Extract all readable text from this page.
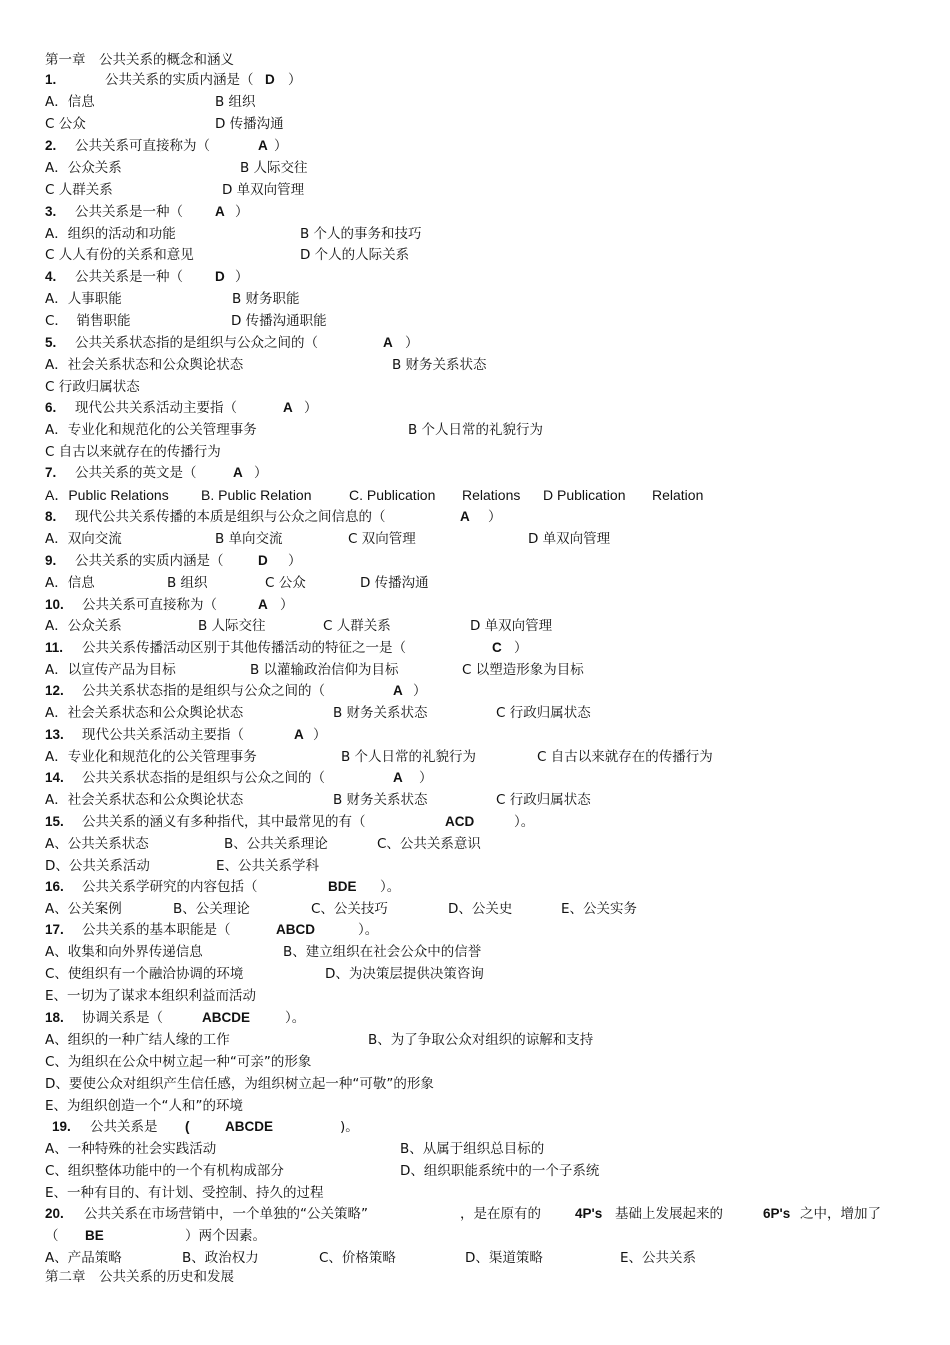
第一章　公共关系的概念和涵义
1.	公共关系的实质内涵是（ D ）
A．信息	B 组织
C 公众	D 传播沟通
2. 公共关系可直接称为（	A ）
A．公众关系	B 人际交往
C 人群关系	D 单双向管理
3. 公共关系是一种（ A ）
A．组织的活动和功能	B 个人的事务和技巧
C 人人有份的关系和意见	D 个人的人际关系
4. 公共关系是一种（ D ）
A．人事职能	B 财务职能
C．  销售职能	D 传播沟通职能
5. 公共关系状态指的是组织与公众之间的（	A ）
A．社会关系状态和公众舆论状态	B 财务关系状态
C 行政归属状态
6. 现代公共关系活动主要指（	A ）
A．专业化和规范化的公关管理事务	B 个人日常的礼貌行为
C 自古以来就存在的传播行为
7. 公共关系的英文是（	A ）
A．Public Relations B. Public Relation	C. Publication Relations D Publication Relation
8. 现代公共关系传播的本质是组织与公众之间信息的（	A ）
A．双向交流	B 单向交流	C 双向管理	D 单双向管理
9. 公共关系的实质内涵是（	D ）
A．信息	B 组织	C 公众	D 传播沟通
10. 公共关系可直接称为（	A ）
A．公众关系	B 人际交往	C 人群关系	D 单双向管理
11. 公共关系传播活动区别于其他传播活动的特征之一是（	C ）
A．以宣传产品为目标	B 以灌输政治信仰为目标	C 以塑造形象为目标
12. 公共关系状态指的是组织与公众之间的（	A ）
A．社会关系状态和公众舆论状态	B 财务关系状态	C 行政归属状态
13. 现代公共关系活动主要指（	A ）
A．专业化和规范化的公关管理事务	B 个人日常的礼貌行为	C 自古以来就存在的传播行为
14. 公共关系状态指的是组织与公众之间的（	A ）
A．社会关系状态和公众舆论状态	B 财务关系状态	C 行政归属状态
15. 公共关系的涵义有多种指代，其中最常见的有（	ACD	）。
A、公共关系状态	B、公共关系理论	C、公共关系意识
D、公共关系活动	E、公共关系学科
16. 公共关系学研究的内容包括（	BDE ）。
A、公关案例	B、公关理论	C、公关技巧	D、公关史	E、公关实务
17. 公共关系的基本职能是（	ABCD	）。
A、收集和向外界传递信息	B、建立组织在社会公众中的信誉
C、使组织有一个融洽协调的环境	D、为决策层提供决策咨询
E、一切为了谋求本组织利益而活动
18. 协调关系是（	ABCDE	）。
A、组织的一种广结人缘的工作	B、为了争取公众对组织的谅解和支持
C、为组织在公众中树立起一种“可亲”的形象
D、要使公众对组织产生信任感，为组织树立起一种“可敬”的形象
E、为组织创造一个“人和”的环境
19. 公共关系是 (	ABCDE	)。
A、一种特殊的社会实践活动	B、从属于组织总目标的
C、组织整体功能中的一个有机构成部分	D、组织职能系统中的一个子系统
E、一种有目的、有计划、受控制、持久的过程
20. 公共关系在市场营销中，一个单独的“公关策略”	，是在原有的	4P's 基础上发展起来的	6P's 之中，增加了
（ BE	）两个因素。
A、产品策略	B、政治权力	C、价格策略	D、渠道策略	E、公共关系
第二章　公共关系的历史和发展
